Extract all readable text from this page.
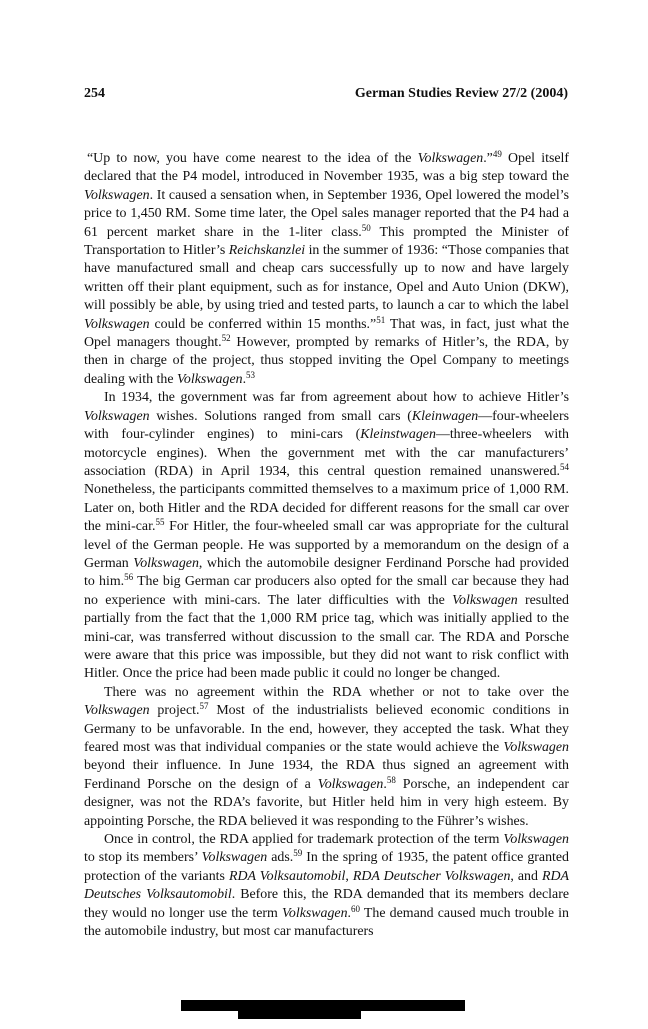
254	German Studies Review 27/2 (2004)

“Up to now, you have come nearest to the idea of the Volkswagen.”$^{49}$ Opel itself declared that the P4 model, introduced in November 1935, was a big step toward the Volkswagen. It caused a sensation when, in September 1936, Opel lowered the model’s price to 1,450 RM. Some time later, the Opel sales manager reported that the P4 had a 61 percent market share in the 1-liter class.$^{50}$ This prompted the Minister of Transportation to Hitler’s Reichskanzlei in the summer of 1936: “Those companies that have manufactured small and cheap cars successfully up to now and have largely written off their plant equipment, such as for instance, Opel and Auto Union (DKW), will possibly be able, by using tried and tested parts, to launch a car to which the label Volkswagen could be conferred within 15 months.”$^{51}$ That was, in fact, just what the Opel managers thought.$^{52}$ However, prompted by remarks of Hitler’s, the RDA, by then in charge of the project, thus stopped inviting the Opel Company to meetings dealing with the Volkswagen.$^{53}$

In 1934, the government was far from agreement about how to achieve Hitler’s Volkswagen wishes. Solutions ranged from small cars (Kleinwagen—four-wheelers with four-cylinder engines) to mini-cars (Kleinstwagen—three-wheelers with motorcycle engines). When the government met with the car manufacturers’ association (RDA) in April 1934, this central question remained unanswered.$^{54}$ Nonetheless, the participants committed themselves to a maximum price of 1,000 RM. Later on, both Hitler and the RDA decided for different reasons for the small car over the mini-car.$^{55}$ For Hitler, the four-wheeled small car was appropriate for the cultural level of the German people. He was supported by a memorandum on the design of a German Volkswagen, which the automobile designer Ferdinand Porsche had provided to him.$^{56}$ The big German car producers also opted for the small car because they had no experience with mini-cars. The later difficulties with the Volkswagen resulted partially from the fact that the 1,000 RM price tag, which was initially applied to the mini-car, was transferred without discussion to the small car. The RDA and Porsche were aware that this price was impossible, but they did not want to risk conflict with Hitler. Once the price had been made public it could no longer be changed.

There was no agreement within the RDA whether or not to take over the Volkswagen project.$^{57}$ Most of the industrialists believed economic conditions in Germany to be unfavorable. In the end, however, they accepted the task. What they feared most was that individual companies or the state would achieve the Volkswagen beyond their influence. In June 1934, the RDA thus signed an agreement with Ferdinand Porsche on the design of a Volkswagen.$^{58}$ Porsche, an independent car designer, was not the RDA’s favorite, but Hitler held him in very high esteem. By appointing Porsche, the RDA believed it was responding to the Führer’s wishes.

Once in control, the RDA applied for trademark protection of the term Volkswagen to stop its members’ Volkswagen ads.$^{59}$ In the spring of 1935, the patent office granted protection of the variants RDA Volksautomobil, RDA Deutscher Volkswagen, and RDA Deutsches Volksautomobil. Before this, the RDA demanded that its members declare they would no longer use the term Volkswagen.$^{60}$ The demand caused much trouble in the automobile industry, but most car manufacturers
